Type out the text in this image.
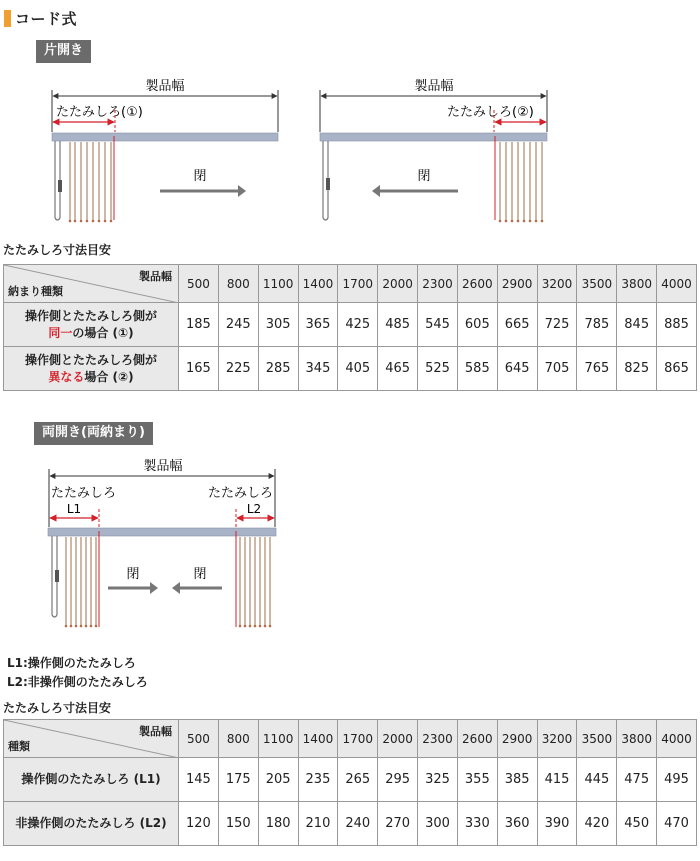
コード式
片開き
製品幅
たたみしろ(①)
閉
製品幅
たたみしろ(②)
閉
たたみしろ寸法目安
製品幅
納まり種類	500	800	1100	1400	1700	2000	2300	2600	2900	3200	3500	3800	4000
操作側とたたみしろ側が
同一の場合 (①)	185	245	305	365	425	485	545	605	665	725	785	845	885
操作側とたたみしろ側が
異なる場合 (②)	165	225	285	345	405	465	525	585	645	705	765	825	865
両開き(両納まり)
製品幅
たたみしろ	たたみしろ
L1	L2
閉	閉
L1:操作側のたたみしろ
L2:非操作側のたたみしろ
たたみしろ寸法目安
製品幅
種類	500	800	1100	1400	1700	2000	2300	2600	2900	3200	3500	3800	4000
操作側のたたみしろ (L1)	145	175	205	235	265	295	325	355	385	415	445	475	495
非操作側のたたみしろ (L2)	120	150	180	210	240	270	300	330	360	390	420	450	470
